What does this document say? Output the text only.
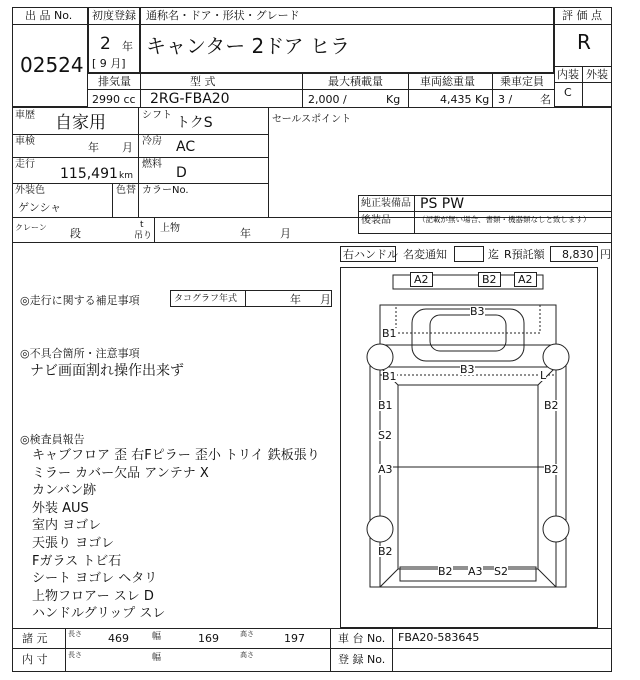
出 品 No.
02524
初度登録
2 年
[ 9 月]
通称名・ドア・形状・グレード
キャンター 2ドア ヒラ
評 価 点
R
内装 外装
C
排気量	型 式	最大積載量	車両総重量 乗車定員
2990 cc 2RG-FBA20	2,000 /	Kg	4,435 Kg 3 /	名
車歴 自家用	シフト トクS	セールスポイント
車検	年 月 冷房 AC
走行
115,491 km
燃料
D
外装色
ゲンシャ
色替 カラーNo.
純正装備品 PS PW
後装品	（記載が無い場合、書類・機器類なしと致します）
クレーン 段
t
吊り
上物	年	月
右ハンドル 名変通知	迄 R預託額 8,830 円
◎走行に関する補足事項	タコグラフ年式	年 月
◎不具合箇所・注意事項
ナビ画面割れ操作出来ず
◎検査員報告
キャブフロア 歪 右Fピラー 歪小 トリイ 鉄板張り
ミラー カバー欠品 アンテナ X
カンバン跡
外装 AUS
室内 ヨゴレ
天張り ヨゴレ
Fガラス トビ石
シート ヨゴレ ヘタリ
上物フロアー スレ D
ハンドルグリップ スレ
A2	B2	A2
B3
B1
B3	L
B1
B1	B2
S2
A3	B2
B2
B2 A3 S2
諸 元	長さ 469	幅	169	高さ	197	車 台 No. FBA20-583645
内 寸	長さ	幅	高さ	登 録 No.
